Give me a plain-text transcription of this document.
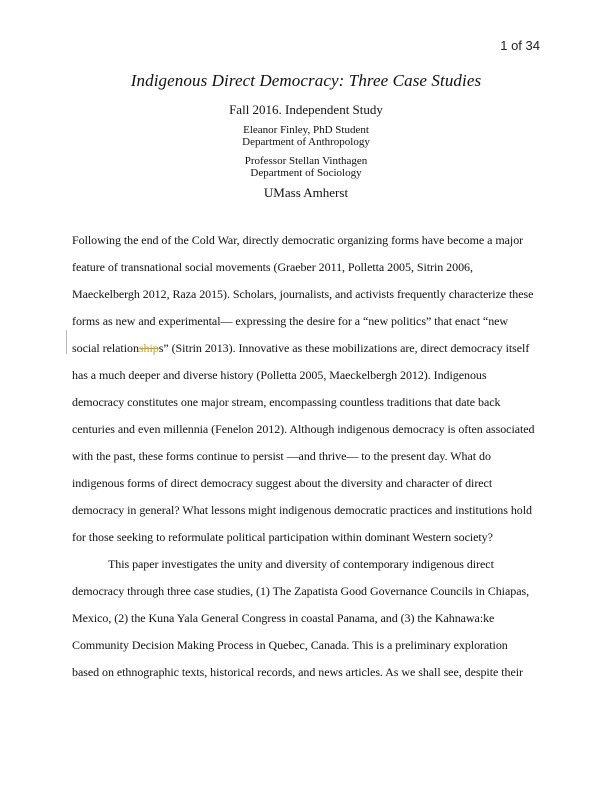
1 of 34
Indigenous Direct Democracy: Three Case Studies
Fall 2016. Independent Study
Eleanor Finley, PhD Student
Department of Anthropology
Professor Stellan Vinthagen
Department of Sociology
UMass Amherst
Following the end of the Cold War, directly democratic organizing forms have become a major
feature of transnational social movements (Graeber 2011, Polletta 2005, Sitrin 2006,
Maeckelbergh 2012, Raza 2015). Scholars, journalists, and activists frequently characterize these
forms as new and experimental— expressing the desire for a “new politics” that enact “new
social relationships” (Sitrin 2013). Innovative as these mobilizations are, direct democracy itself
has a much deeper and diverse history (Polletta 2005, Maeckelbergh 2012). Indigenous
democracy constitutes one major stream, encompassing countless traditions that date back
centuries and even millennia (Fenelon 2012). Although indigenous democracy is often associated
with the past, these forms continue to persist —and thrive— to the present day. What do
indigenous forms of direct democracy suggest about the diversity and character of direct
democracy in general? What lessons might indigenous democratic practices and institutions hold
for those seeking to reformulate political participation within dominant Western society?
This paper investigates the unity and diversity of contemporary indigenous direct
democracy through three case studies, (1) The Zapatista Good Governance Councils in Chiapas,
Mexico, (2) the Kuna Yala General Congress in coastal Panama, and (3) the Kahnawa:ke
Community Decision Making Process in Quebec, Canada. This is a preliminary exploration
based on ethnographic texts, historical records, and news articles. As we shall see, despite their
